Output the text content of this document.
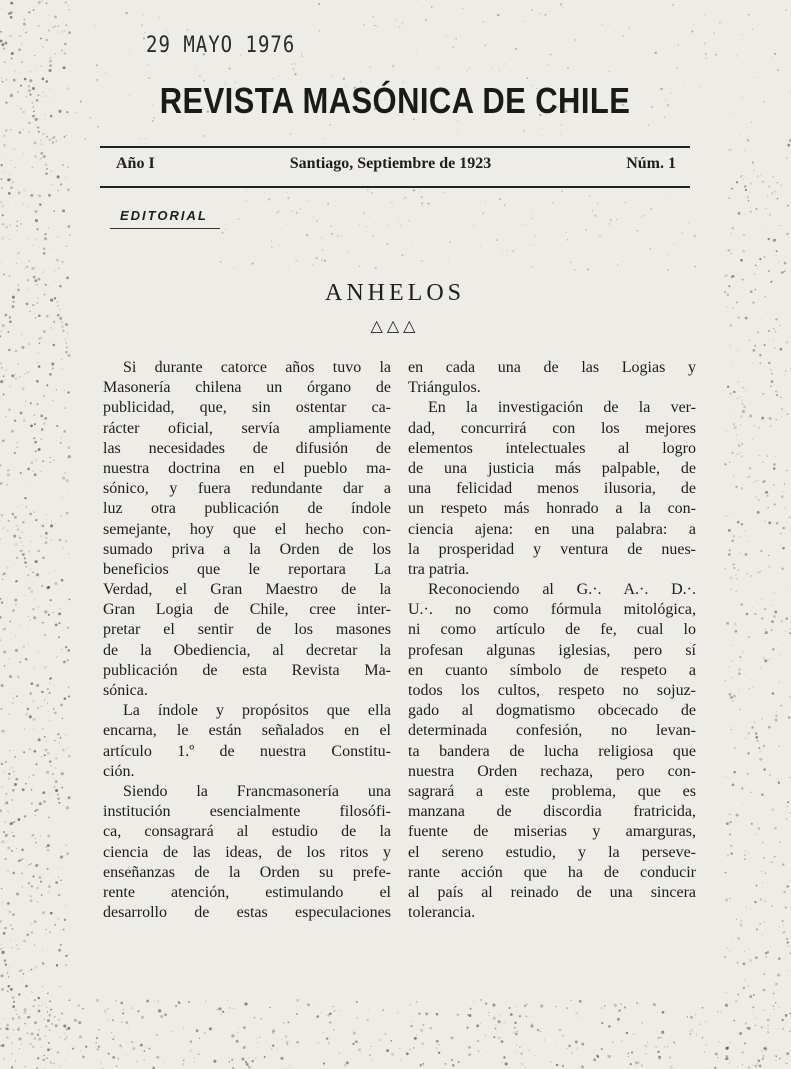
29 MAYO 1976
REVISTA MASÓNICA DE CHILE
Año I	Santiago, Septiembre de 1923	Núm. 1
EDITORIAL
ANHELOS
△△△
Si durante catorce años tuvo la
Masonería chilena un órgano de
publicidad, que, sin ostentar ca-
rácter oficial, servía ampliamente
las necesidades de difusión de
nuestra doctrina en el pueblo ma-
sónico, y fuera redundante dar a
luz otra publicación de índole
semejante, hoy que el hecho con-
sumado priva a la Orden de los
beneficios que le reportara La
Verdad, el Gran Maestro de la
Gran Logia de Chile, cree inter-
pretar el sentir de los masones
de la Obediencia, al decretar la
publicación de esta Revista Ma-
sónica.
La índole y propósitos que ella
encarna, le están señalados en el
artículo 1.º de nuestra Constitu-
ción.
Siendo la Francmasonería una
institución esencialmente filosófi-
ca, consagrará al estudio de la
ciencia de las ideas, de los ritos y
enseñanzas de la Orden su prefe-
rente atención, estimulando el
desarrollo de estas especulaciones
en cada una de las Logias y
Triángulos.
En la investigación de la ver-
dad, concurrirá con los mejores
elementos intelectuales al logro
de una justicia más palpable, de
una felicidad menos ilusoria, de
un respeto más honrado a la con-
ciencia ajena: en una palabra: a
la prosperidad y ventura de nues-
tra patria.
Reconociendo al G.·. A.·. D.·.
U.·. no como fórmula mitológica,
ni como artículo de fe, cual lo
profesan algunas iglesias, pero sí
en cuanto símbolo de respeto a
todos los cultos, respeto no sojuz-
gado al dogmatismo obcecado de
determinada confesión, no levan-
ta bandera de lucha religiosa que
nuestra Orden rechaza, pero con-
sagrará a este problema, que es
manzana de discordia fratricida,
fuente de miserias y amarguras,
el sereno estudio, y la perseve-
rante acción que ha de conducir
al país al reinado de una sincera
tolerancia.
